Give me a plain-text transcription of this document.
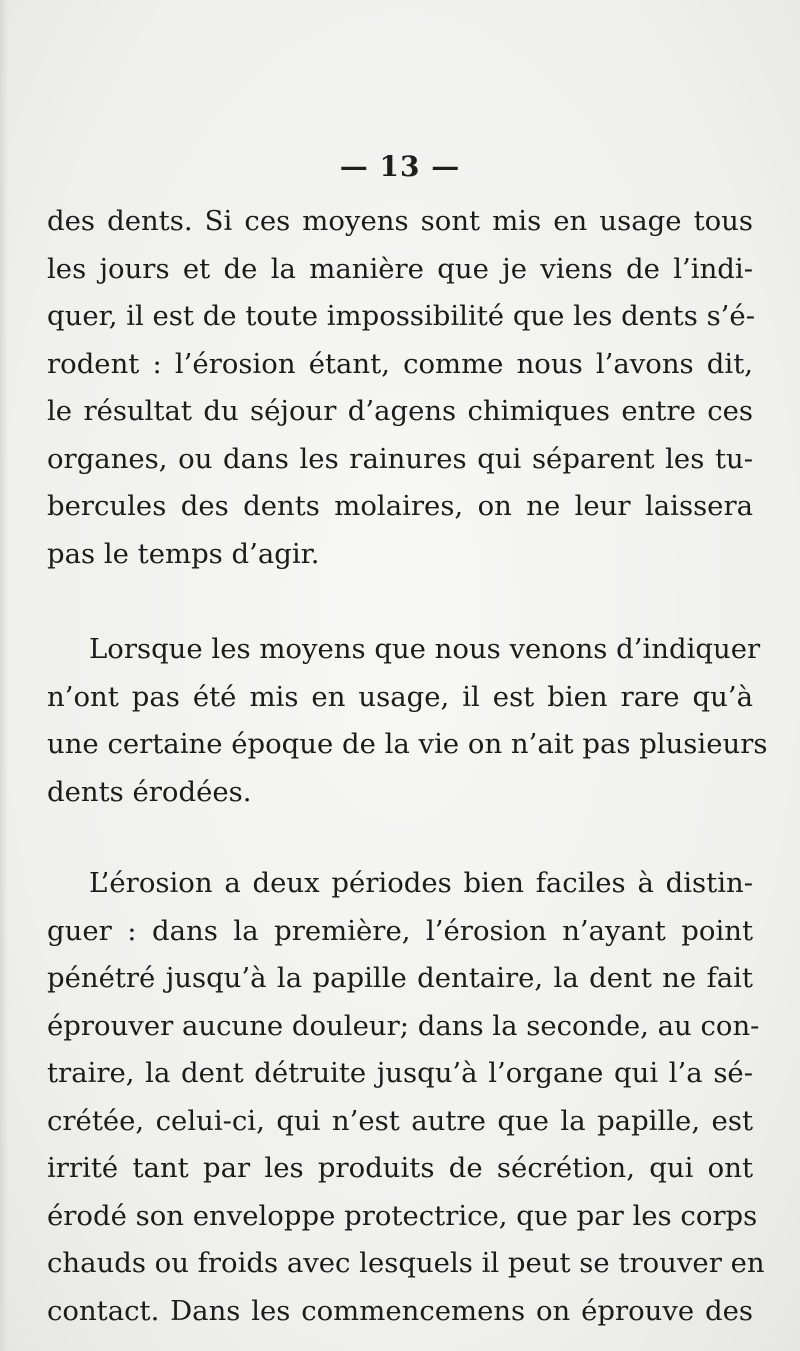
— 13 —
des dents. Si ces moyens sont mis en usage tous
les jours et de la manière que je viens de l’indi-
quer, il est de toute impossibilité que les dents s’é-
rodent : l’érosion étant, comme nous l’avons dit,
le résultat du séjour d’agens chimiques entre ces
organes, ou dans les rainures qui séparent les tu-
bercules des dents molaires, on ne leur laissera
pas le temps d’agir.
Lorsque les moyens que nous venons d’indiquer
n’ont pas été mis en usage, il est bien rare qu’à
une certaine époque de la vie on n’ait pas plusieurs
dents érodées.
L’érosion a deux périodes bien faciles à distin-
guer : dans la première, l’érosion n’ayant point
pénétré jusqu’à la papille dentaire, la dent ne fait
éprouver aucune douleur; dans la seconde, au con-
traire, la dent détruite jusqu’à l’organe qui l’a sé-
crétée, celui-ci, qui n’est autre que la papille, est
irrité tant par les produits de sécrétion, qui ont
érodé son enveloppe protectrice, que par les corps
chauds ou froids avec lesquels il peut se trouver en
contact. Dans les commencemens on éprouve des
